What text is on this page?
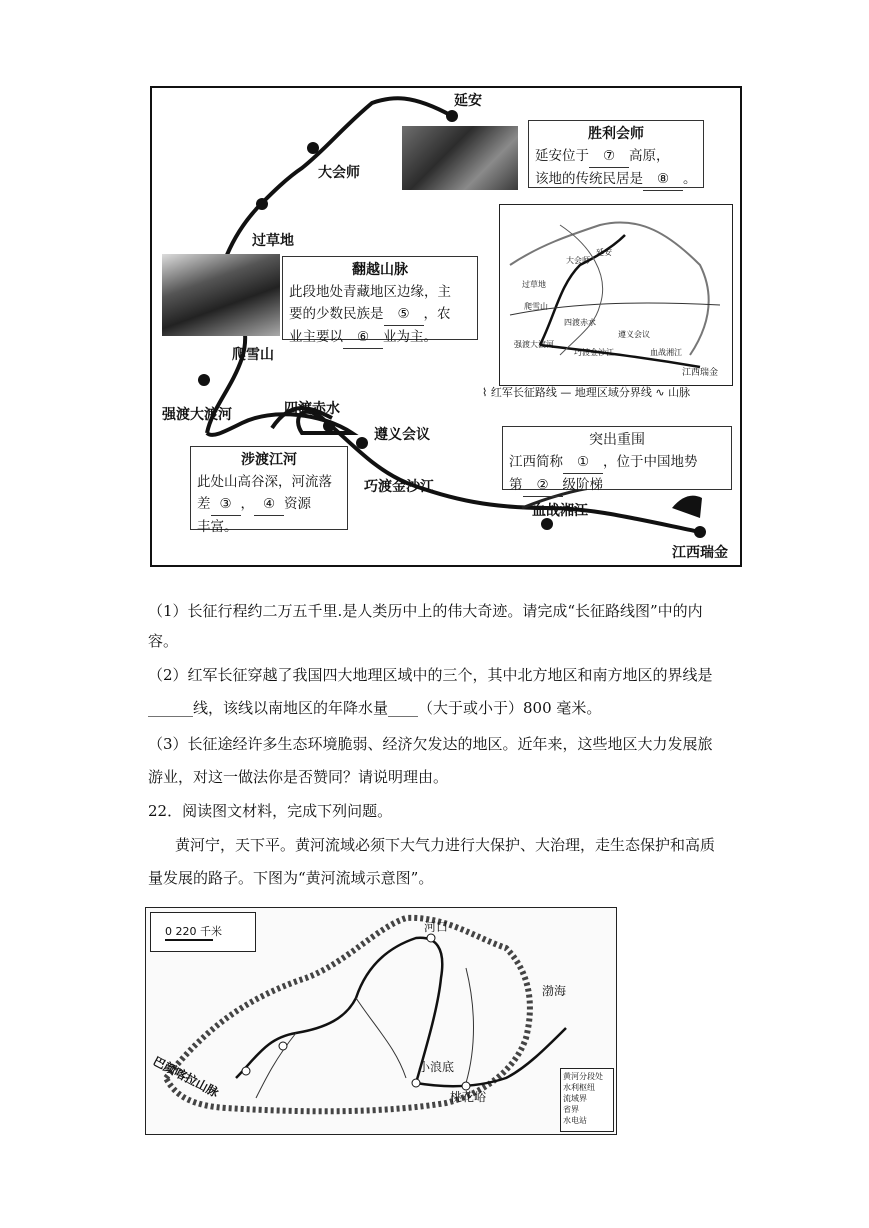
延安
大会师
过草地
爬雪山
强渡大渡河	四渡赤水
遵义会议
巧渡金沙江
血战湘江
江西瑞金
胜利会师
延安位于 ⑦ 高原，
该地的传统民居是 ⑧ 。
翻越山脉
此段地处青藏地区边缘，主
要的少数民族是 ⑤ ，农
业主要以 ⑥ 业为主。
延安
大会师
过草地
爬雪山
强渡大渡河
四渡赤水
遵义会议
巧渡金沙江	血战湘江
江西瑞金
⌇ 红军长征路线 — 地理区域分界线 ∿ 山脉
突出重围
江西简称 ① ，位于中国地势
第 ② 级阶梯
涉渡江河
此处山高谷深，河流落
差 ③ ， ④ 资源
丰富。
（1）长征行程约二万五千里.是人类历中上的伟大奇迹。请完成“长征路线图”中的内
容。
（2）红军长征穿越了我国四大地理区域中的三个，其中北方地区和南方地区的界线是
______线，该线以南地区的年降水量____（大于或小于）800 毫米。
（3）长征途经许多生态环境脆弱、经济欠发达的地区。近年来，这些地区大力发展旅
游业，对这一做法你是否赞同？请说明理由。
22．阅读图文材料，完成下列问题。
黄河宁，天下平。黄河流域必须下大气力进行大保护、大治理，走生态保护和高质
量发展的路子。下图为“黄河流域示意图”。
0 220 千米	河口
渤海
小浪底
桃花峪
巴颜喀拉山脉	黄河分段处
水利枢纽
流域界
省界
水电站
